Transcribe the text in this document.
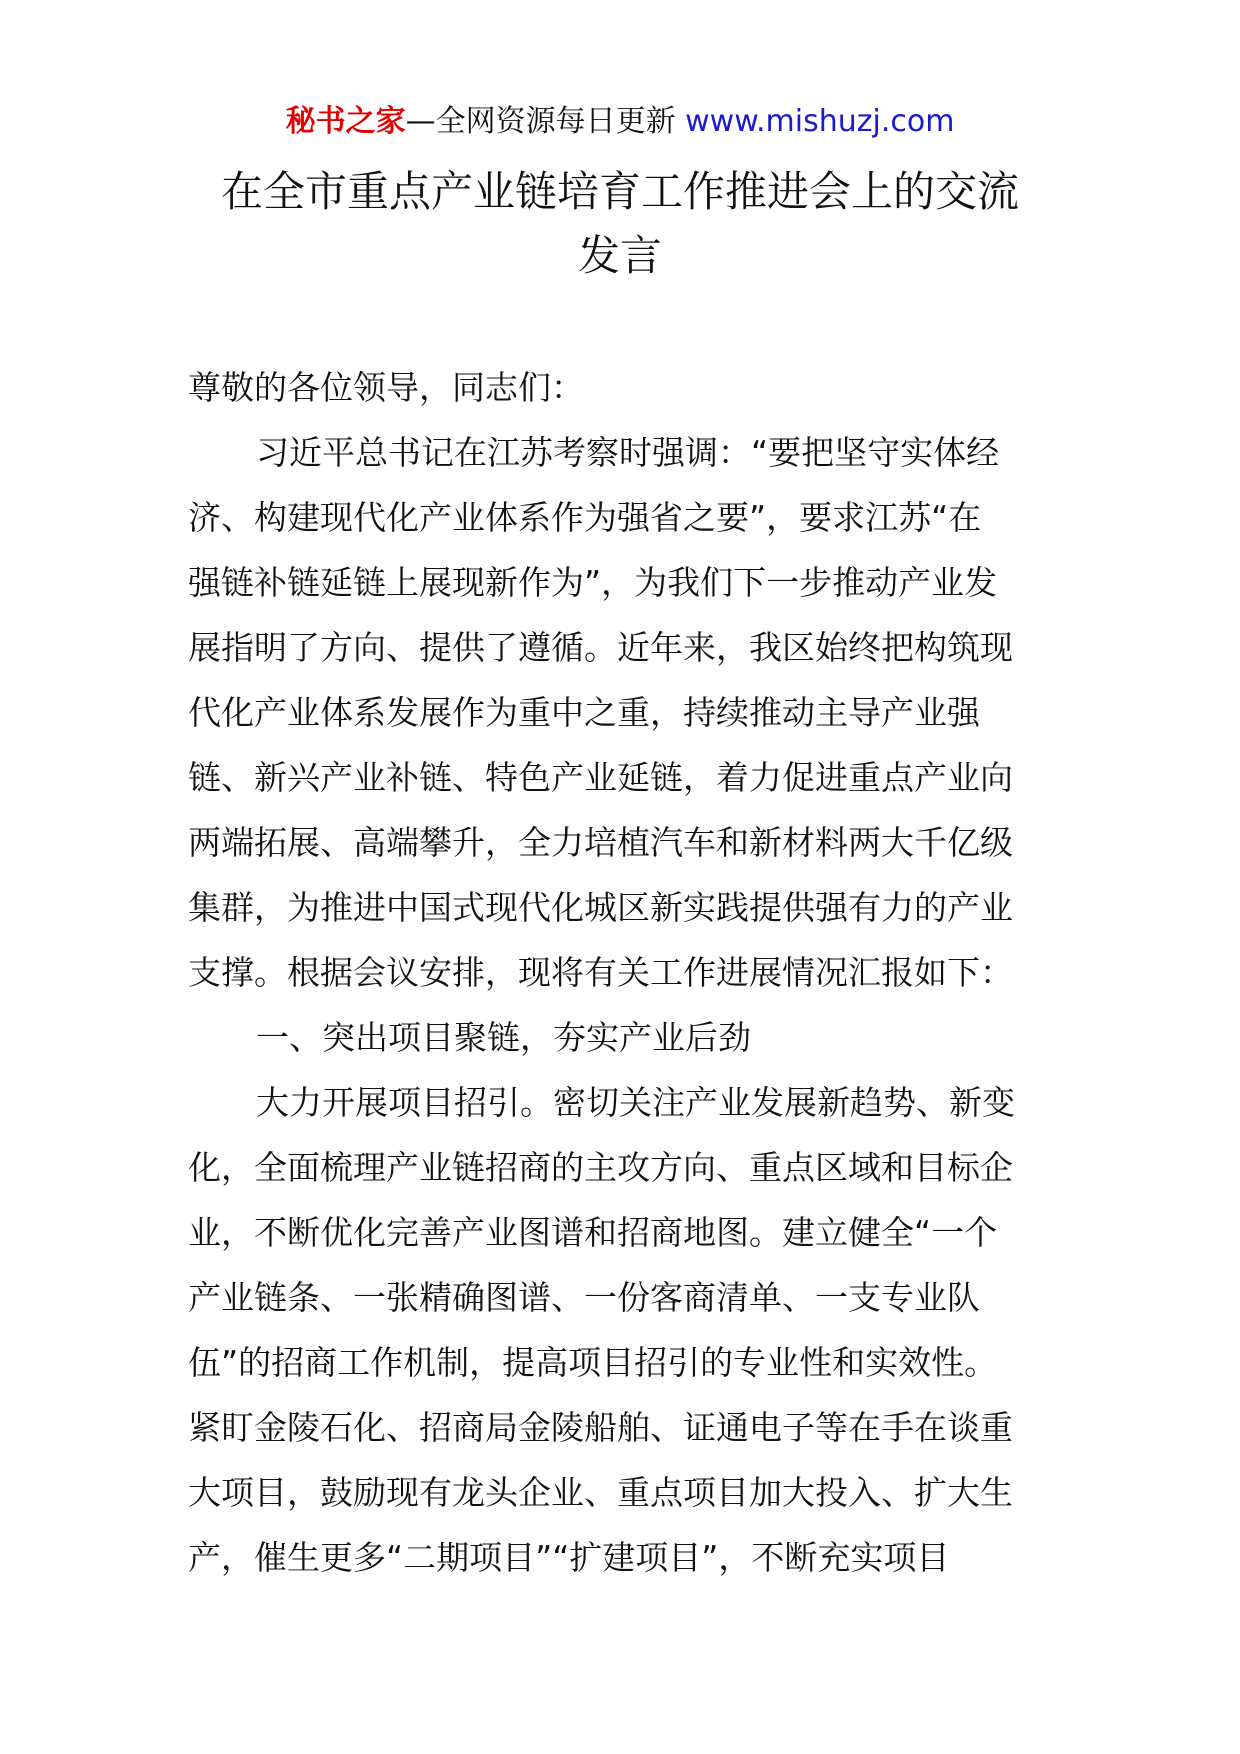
秘书之家—全网资源每日更新 www.mishuzj.com
在全市重点产业链培育工作推进会上的交流
发言
尊敬的各位领导，同志们：
习近平总书记在江苏考察时强调：“要把坚守实体经
济、构建现代化产业体系作为强省之要”，要求江苏“在
强链补链延链上展现新作为”，为我们下一步推动产业发
展指明了方向、提供了遵循。近年来，我区始终把构筑现
代化产业体系发展作为重中之重，持续推动主导产业强
链、新兴产业补链、特色产业延链，着力促进重点产业向
两端拓展、高端攀升，全力培植汽车和新材料两大千亿级
集群，为推进中国式现代化城区新实践提供强有力的产业
支撑。根据会议安排，现将有关工作进展情况汇报如下：
一、突出项目聚链，夯实产业后劲
大力开展项目招引。密切关注产业发展新趋势、新变
化，全面梳理产业链招商的主攻方向、重点区域和目标企
业，不断优化完善产业图谱和招商地图。建立健全“一个
产业链条、一张精确图谱、一份客商清单、一支专业队
伍”的招商工作机制，提高项目招引的专业性和实效性。
紧盯金陵石化、招商局金陵船舶、证通电子等在手在谈重
大项目，鼓励现有龙头企业、重点项目加大投入、扩大生
产，催生更多“二期项目”“扩建项目”，不断充实项目
